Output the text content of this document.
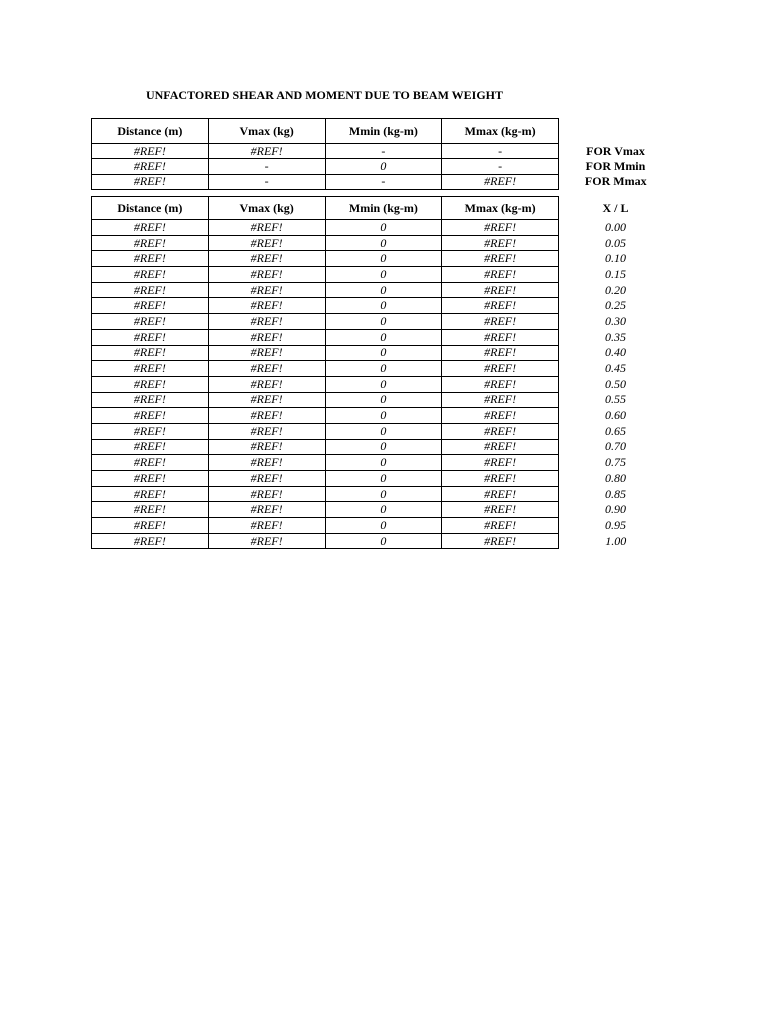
UNFACTORED SHEAR AND MOMENT DUE TO BEAM WEIGHT
Distance (m)	Vmax (kg)	Mmin (kg-m)	Mmax (kg-m)	
#REF!	#REF!	-	-	FOR Vmax
#REF!	-	0	-	FOR Mmin
#REF!	-	-	#REF!	FOR Mmax
Distance (m)	Vmax (kg)	Mmin (kg-m)	Mmax (kg-m)	X / L
#REF!	#REF!	0	#REF!	0.00
#REF!	#REF!	0	#REF!	0.05
#REF!	#REF!	0	#REF!	0.10
#REF!	#REF!	0	#REF!	0.15
#REF!	#REF!	0	#REF!	0.20
#REF!	#REF!	0	#REF!	0.25
#REF!	#REF!	0	#REF!	0.30
#REF!	#REF!	0	#REF!	0.35
#REF!	#REF!	0	#REF!	0.40
#REF!	#REF!	0	#REF!	0.45
#REF!	#REF!	0	#REF!	0.50
#REF!	#REF!	0	#REF!	0.55
#REF!	#REF!	0	#REF!	0.60
#REF!	#REF!	0	#REF!	0.65
#REF!	#REF!	0	#REF!	0.70
#REF!	#REF!	0	#REF!	0.75
#REF!	#REF!	0	#REF!	0.80
#REF!	#REF!	0	#REF!	0.85
#REF!	#REF!	0	#REF!	0.90
#REF!	#REF!	0	#REF!	0.95
#REF!	#REF!	0	#REF!	1.00
